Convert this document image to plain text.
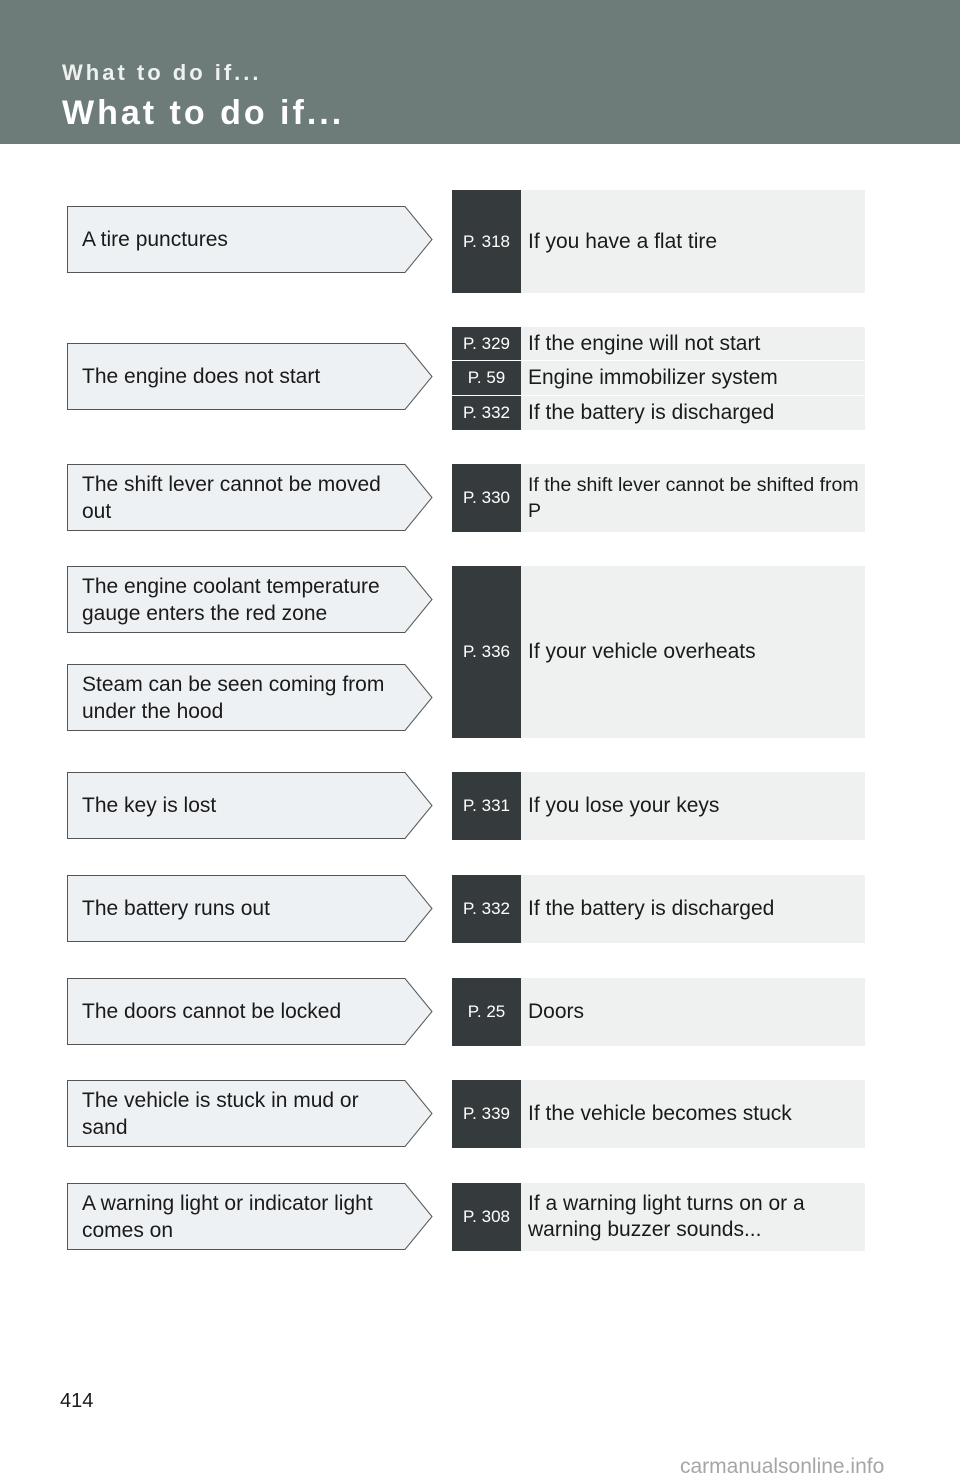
What to do if...
What to do if...
A tire punctures
The engine does not start
The shift lever cannot be moved out
The engine coolant temperature gauge enters the red zone
Steam can be seen coming from under the hood
The key is lost
The battery runs out
The doors cannot be locked
The vehicle is stuck in mud or sand
A warning light or indicator light comes on
P. 318 If you have a flat tire
P. 329 If the engine will not start
P. 59	Engine immobilizer system
P. 332 If the battery is discharged
P. 330
If the shift lever cannot be shifted from P
P. 336 If your vehicle overheats
P. 331 If you lose your keys
P. 332 If the battery is discharged
P. 25	Doors
P. 339 If the vehicle becomes stuck
P. 308
If a warning light turns on or a warning buzzer sounds...
414
carmanualsonline.info
